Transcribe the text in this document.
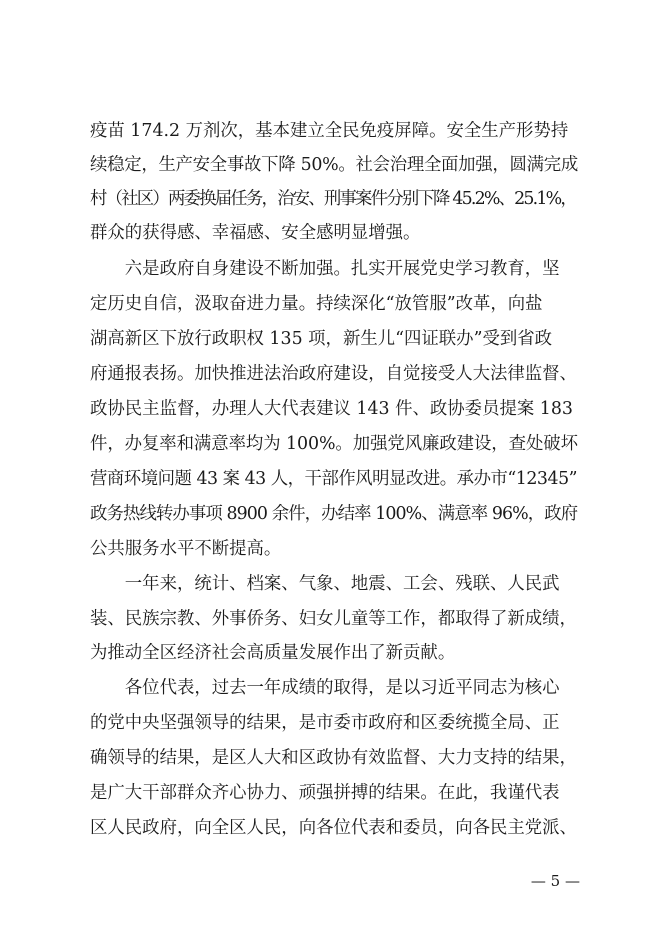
疫苗 174.2 万剂次，基本建立全民免疫屏障。安全生产形势持
续稳定，生产安全事故下降 50%。社会治理全面加强，圆满完成
村（社区）两委换届任务，治安、刑事案件分别下降 45.2%、25.1%，
群众的获得感、幸福感、安全感明显增强。
　　六是政府自身建设不断加强。扎实开展党史学习教育，坚
定历史自信，汲取奋进力量。持续深化“放管服”改革，向盐
湖高新区下放行政职权 135 项，新生儿“四证联办”受到省政
府通报表扬。加快推进法治政府建设，自觉接受人大法律监督、
政协民主监督，办理人大代表建议 143 件、政协委员提案 183
件，办复率和满意率均为 100%。加强党风廉政建设，查处破坏
营商环境问题 43 案 43 人，干部作风明显改进。承办市“12345”
政务热线转办事项 8900 余件，办结率 100%、满意率 96%，政府
公共服务水平不断提高。
　　一年来，统计、档案、气象、地震、工会、残联、人民武
装、民族宗教、外事侨务、妇女儿童等工作，都取得了新成绩，
为推动全区经济社会高质量发展作出了新贡献。
　　各位代表，过去一年成绩的取得，是以习近平同志为核心
的党中央坚强领导的结果，是市委市政府和区委统揽全局、正
确领导的结果，是区人大和区政协有效监督、大力支持的结果，
是广大干部群众齐心协力、顽强拼搏的结果。在此，我谨代表
区人民政府，向全区人民，向各位代表和委员，向各民主党派、
— 5 —
